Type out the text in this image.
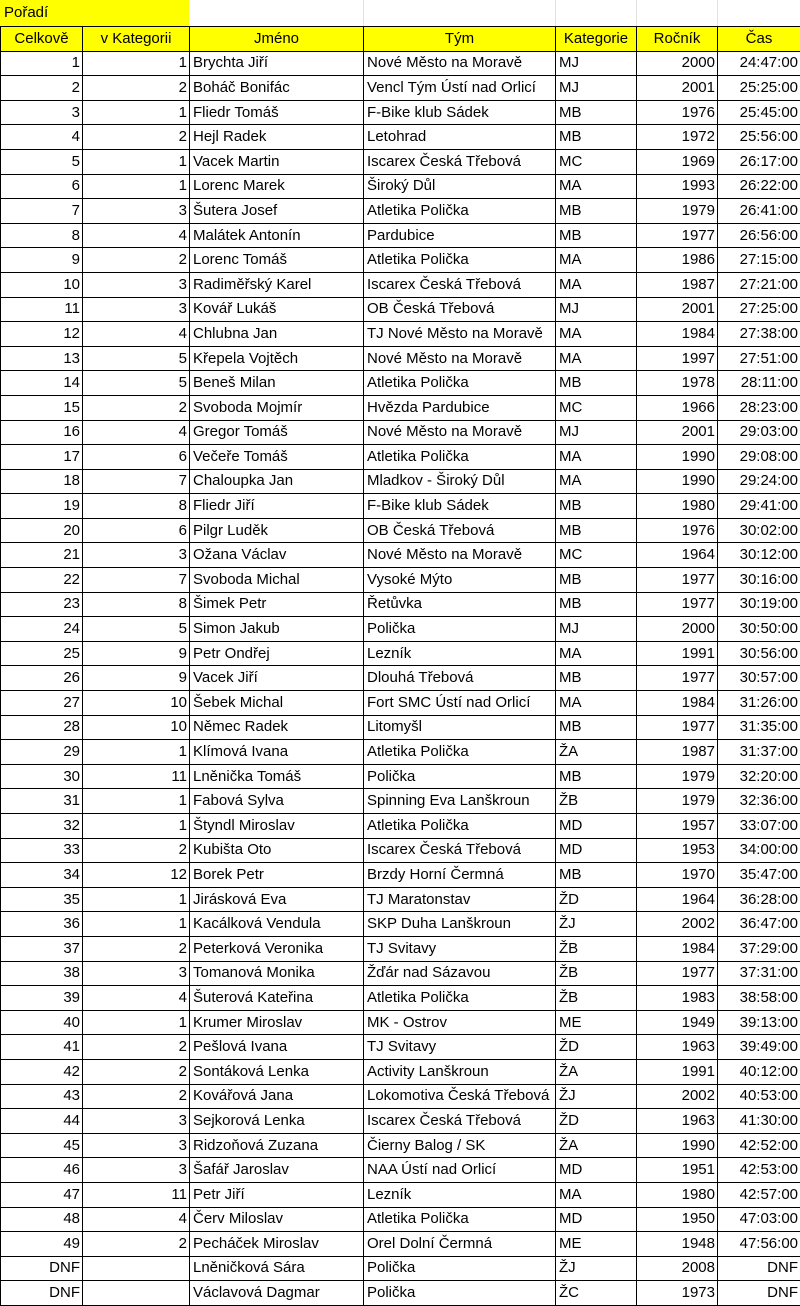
Pořadí
Celkově	v Kategorii	Jméno	Tým	Kategorie	Ročník	Čas
1	1	Brychta Jiří	Nové Město na Moravě	MJ	2000	24:47:00
2	2	Boháč Bonifác	Vencl Tým Ústí nad Orlicí	MJ	2001	25:25:00
3	1	Fliedr Tomáš	F-Bike klub Sádek	MB	1976	25:45:00
4	2	Hejl Radek	Letohrad	MB	1972	25:56:00
5	1	Vacek Martin	Iscarex Česká Třebová	MC	1969	26:17:00
6	1	Lorenc Marek	Široký Důl	MA	1993	26:22:00
7	3	Šutera Josef	Atletika Polička	MB	1979	26:41:00
8	4	Malátek Antonín	Pardubice	MB	1977	26:56:00
9	2	Lorenc Tomáš	Atletika Polička	MA	1986	27:15:00
10	3	Radiměřský Karel	Iscarex Česká Třebová	MA	1987	27:21:00
11	3	Kovář Lukáš	OB Česká Třebová	MJ	2001	27:25:00
12	4	Chlubna Jan	TJ Nové Město na Moravě	MA	1984	27:38:00
13	5	Křepela Vojtěch	Nové Město na Moravě	MA	1997	27:51:00
14	5	Beneš Milan	Atletika Polička	MB	1978	28:11:00
15	2	Svoboda Mojmír	Hvězda Pardubice	MC	1966	28:23:00
16	4	Gregor Tomáš	Nové Město na Moravě	MJ	2001	29:03:00
17	6	Večeře Tomáš	Atletika Polička	MA	1990	29:08:00
18	7	Chaloupka Jan	Mladkov - Široký Důl	MA	1990	29:24:00
19	8	Fliedr Jiří	F-Bike klub Sádek	MB	1980	29:41:00
20	6	Pilgr Luděk	OB Česká Třebová	MB	1976	30:02:00
21	3	Ožana Václav	Nové Město na Moravě	MC	1964	30:12:00
22	7	Svoboda Michal	Vysoké Mýto	MB	1977	30:16:00
23	8	Šimek Petr	Řetůvka	MB	1977	30:19:00
24	5	Simon Jakub	Polička	MJ	2000	30:50:00
25	9	Petr Ondřej	Lezník	MA	1991	30:56:00
26	9	Vacek Jiří	Dlouhá Třebová	MB	1977	30:57:00
27	10	Šebek Michal	Fort SMC Ústí nad Orlicí	MA	1984	31:26:00
28	10	Němec Radek	Litomyšl	MB	1977	31:35:00
29	1	Klímová Ivana	Atletika Polička	ŽA	1987	31:37:00
30	11	Lněnička Tomáš	Polička	MB	1979	32:20:00
31	1	Fabová Sylva	Spinning Eva Lanškroun	ŽB	1979	32:36:00
32	1	Štyndl Miroslav	Atletika Polička	MD	1957	33:07:00
33	2	Kubišta Oto	Iscarex Česká Třebová	MD	1953	34:00:00
34	12	Borek Petr	Brzdy Horní Čermná	MB	1970	35:47:00
35	1	Jirásková Eva	TJ Maratonstav	ŽD	1964	36:28:00
36	1	Kacálková Vendula	SKP Duha Lanškroun	ŽJ	2002	36:47:00
37	2	Peterková Veronika	TJ Svitavy	ŽB	1984	37:29:00
38	3	Tomanová Monika	Žďár nad Sázavou	ŽB	1977	37:31:00
39	4	Šuterová Kateřina	Atletika Polička	ŽB	1983	38:58:00
40	1	Krumer Miroslav	MK - Ostrov	ME	1949	39:13:00
41	2	Pešlová Ivana	TJ Svitavy	ŽD	1963	39:49:00
42	2	Sontáková Lenka	Activity Lanškroun	ŽA	1991	40:12:00
43	2	Kovářová Jana	Lokomotiva Česká Třebová	ŽJ	2002	40:53:00
44	3	Sejkorová Lenka	Iscarex Česká Třebová	ŽD	1963	41:30:00
45	3	Ridzoňová Zuzana	Čierny Balog / SK	ŽA	1990	42:52:00
46	3	Šafář Jaroslav	NAA Ústí nad Orlicí	MD	1951	42:53:00
47	11	Petr Jiří	Lezník	MA	1980	42:57:00
48	4	Červ Miloslav	Atletika Polička	MD	1950	47:03:00
49	2	Pecháček Miroslav	Orel Dolní Čermná	ME	1948	47:56:00
DNF		Lněničková Sára	Polička	ŽJ	2008	DNF
DNF		Václavová Dagmar	Polička	ŽC	1973	DNF
